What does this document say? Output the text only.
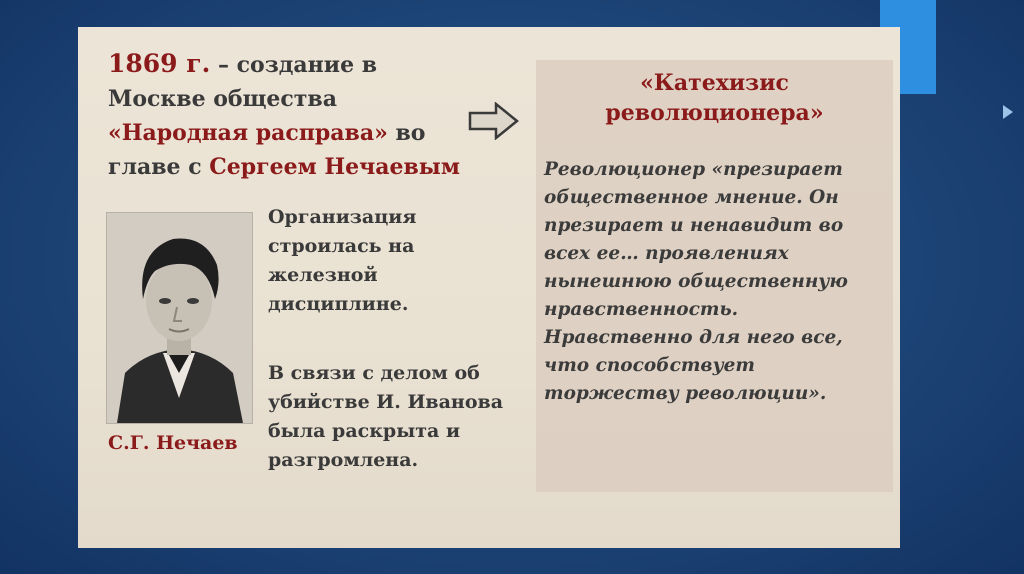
1869 г. – создание в
Москве общества
«Народная расправа» во
главе с Сергеем Нечаевым

С.Г. Нечаев

Организация
строилась на
железной
дисциплине.

В связи с делом об
убийстве И. Иванова
была раскрыта и
разгромлена.

«Катехизис
революционера»

Революционер «презирает
общественное мнение. Он
презирает и ненавидит во
всех ее… проявлениях
нынешнюю общественную
нравственность.
Нравственно для него все,
что способствует
торжеству революции».
